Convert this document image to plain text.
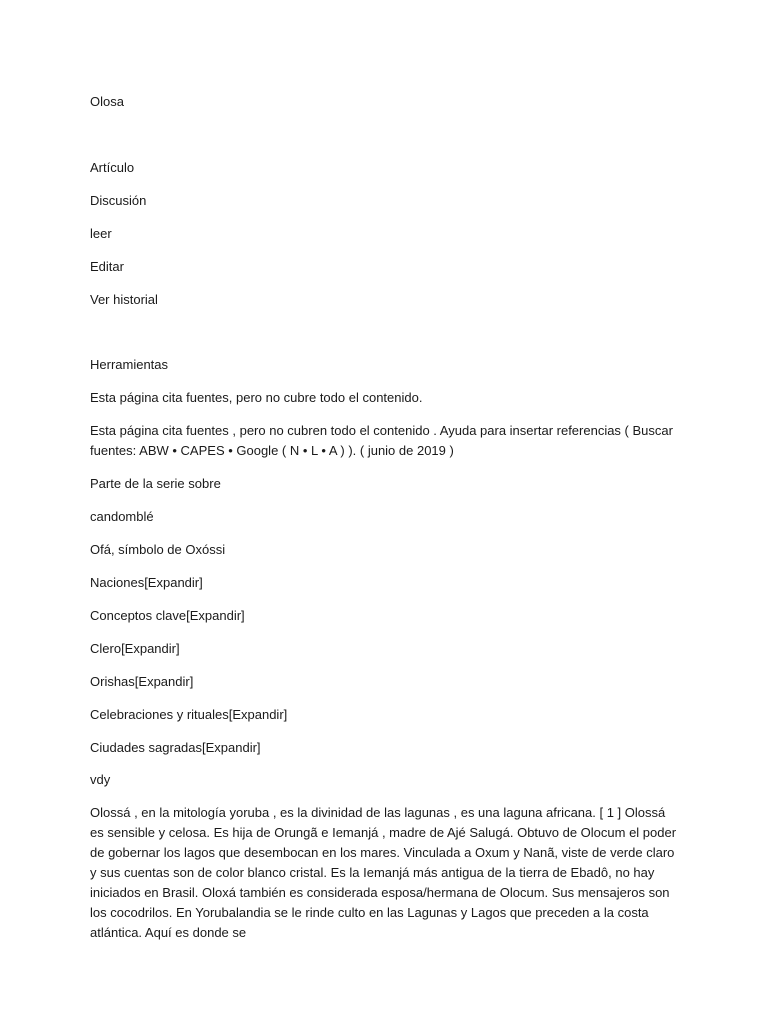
Olosa
Artículo
Discusión
leer
Editar
Ver historial
Herramientas
Esta página cita fuentes, pero no cubre todo el contenido.
Esta página cita fuentes , pero no cubren todo el contenido . Ayuda para insertar referencias ( Buscar fuentes: ABW • CAPES • Google ( N • L • A ) ). ( junio de 2019 )
Parte de la serie sobre
candomblé
Ofá, símbolo de Oxóssi
Naciones[Expandir]
Conceptos clave[Expandir]
Clero[Expandir]
Orishas[Expandir]
Celebraciones y rituales[Expandir]
Ciudades sagradas[Expandir]
vdy
Olossá , en la mitología yoruba , es la divinidad de las lagunas , es una laguna africana. [ 1 ] Olossá es sensible y celosa. Es hija de Orungã e Iemanjá , madre de Ajé Salugá. Obtuvo de Olocum el poder de gobernar los lagos que desembocan en los mares. Vinculada a Oxum y Nanã, viste de verde claro y sus cuentas son de color blanco cristal. Es la Iemanjá más antigua de la tierra de Ebadô, no hay iniciados en Brasil. Oloxá también es considerada esposa/hermana de Olocum. Sus mensajeros son los cocodrilos. En Yorubalandia se le rinde culto en las Lagunas y Lagos que preceden a la costa atlántica. Aquí es donde se
